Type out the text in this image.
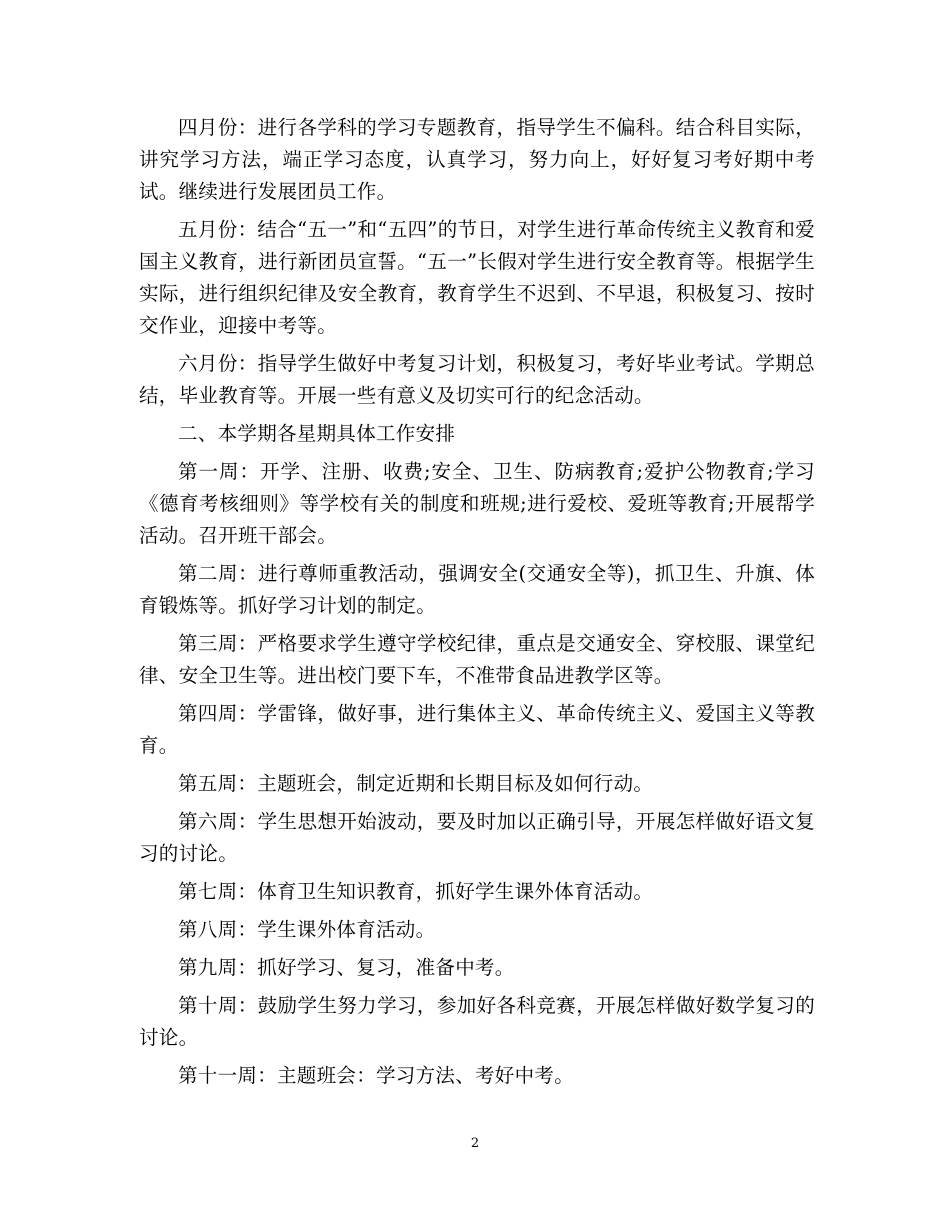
四月份：进行各学科的学习专题教育，指导学生不偏科。结合科目实际，讲究学习方法，端正学习态度，认真学习，努力向上，好好复习考好期中考试。继续进行发展团员工作。

五月份：结合“五一”和“五四”的节日，对学生进行革命传统主义教育和爱国主义教育，进行新团员宣誓。“五一”长假对学生进行安全教育等。根据学生实际，进行组织纪律及安全教育，教育学生不迟到、不早退，积极复习、按时交作业，迎接中考等。

六月份：指导学生做好中考复习计划，积极复习，考好毕业考试。学期总结，毕业教育等。开展一些有意义及切实可行的纪念活动。

二、本学期各星期具体工作安排

第一周：开学、注册、收费;安全、卫生、防病教育;爱护公物教育;学习《德育考核细则》等学校有关的制度和班规;进行爱校、爱班等教育;开展帮学活动。召开班干部会。

第二周：进行尊师重教活动，强调安全(交通安全等)，抓卫生、升旗、体育锻炼等。抓好学习计划的制定。

第三周：严格要求学生遵守学校纪律，重点是交通安全、穿校服、课堂纪律、安全卫生等。进出校门要下车，不准带食品进教学区等。

第四周：学雷锋，做好事，进行集体主义、革命传统主义、爱国主义等教育。

第五周：主题班会，制定近期和长期目标及如何行动。

第六周：学生思想开始波动，要及时加以正确引导，开展怎样做好语文复习的讨论。

第七周：体育卫生知识教育，抓好学生课外体育活动。

第八周：学生课外体育活动。

第九周：抓好学习、复习，准备中考。

第十周：鼓励学生努力学习，参加好各科竞赛，开展怎样做好数学复习的讨论。

第十一周：主题班会：学习方法、考好中考。

2
